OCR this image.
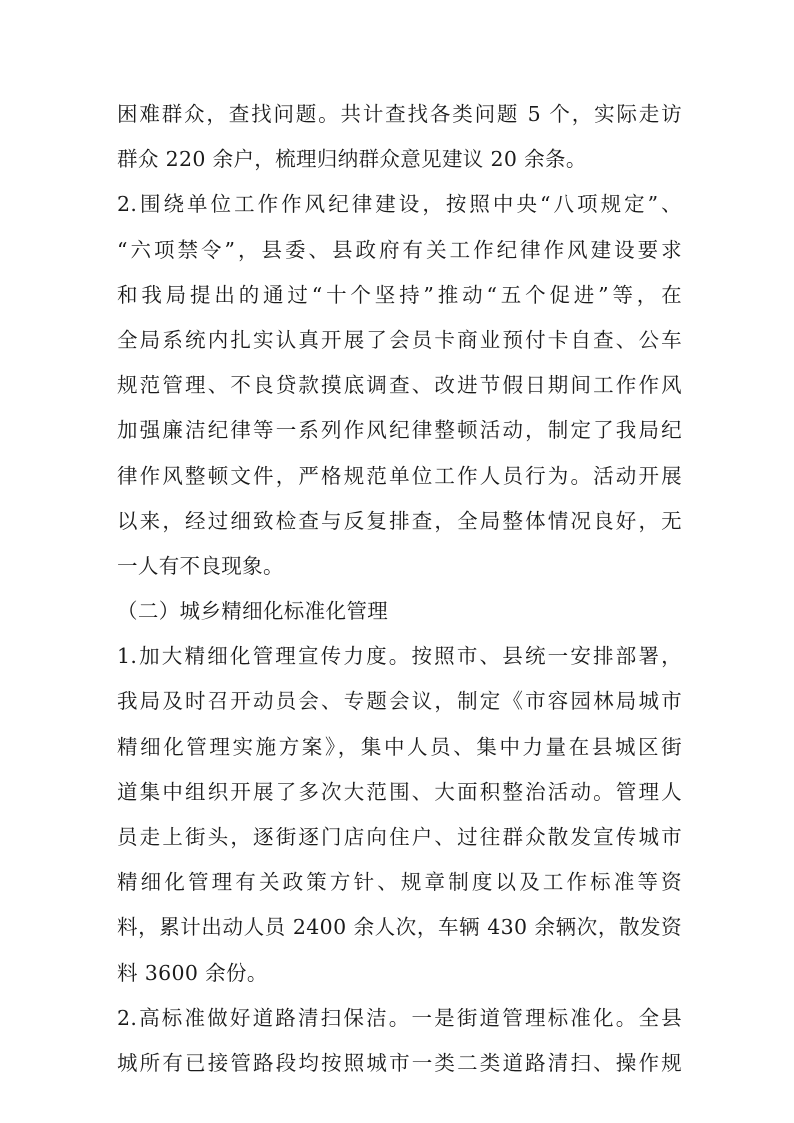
困难群众，查找问题。共计查找各类问题 5 个，实际走访
群众 220 余户，梳理归纳群众意见建议 20 余条。
2.围绕单位工作作风纪律建设，按照中央“八项规定”、
“六项禁令”，县委、县政府有关工作纪律作风建设要求
和我局提出的通过“十个坚持”推动“五个促进”等，在
全局系统内扎实认真开展了会员卡商业预付卡自查、公车
规范管理、不良贷款摸底调查、改进节假日期间工作作风
加强廉洁纪律等一系列作风纪律整顿活动，制定了我局纪
律作风整顿文件，严格规范单位工作人员行为。活动开展
以来，经过细致检查与反复排查，全局整体情况良好，无
一人有不良现象。
（二）城乡精细化标准化管理
1.加大精细化管理宣传力度。按照市、县统一安排部署，
我局及时召开动员会、专题会议，制定《市容园林局城市
精细化管理实施方案》，集中人员、集中力量在县城区街
道集中组织开展了多次大范围、大面积整治活动。管理人
员走上街头，逐街逐门店向住户、过往群众散发宣传城市
精细化管理有关政策方针、规章制度以及工作标准等资
料，累计出动人员 2400 余人次，车辆 430 余辆次，散发资
料 3600 余份。
2.高标准做好道路清扫保洁。一是街道管理标准化。全县
城所有已接管路段均按照城市一类二类道路清扫、操作规
